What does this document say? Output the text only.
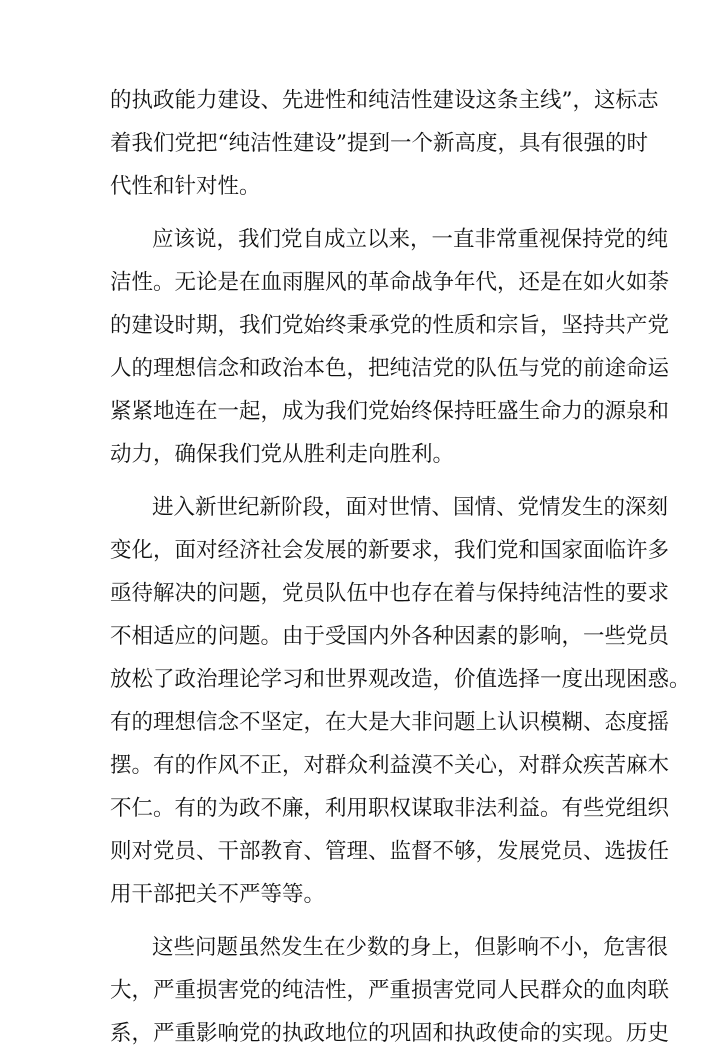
的执政能力建设、先进性和纯洁性建设这条主线”，这标志
着我们党把“纯洁性建设”提到一个新高度，具有很强的时
代性和针对性。
应该说，我们党自成立以来，一直非常重视保持党的纯
洁性。无论是在血雨腥风的革命战争年代，还是在如火如荼
的建设时期，我们党始终秉承党的性质和宗旨，坚持共产党
人的理想信念和政治本色，把纯洁党的队伍与党的前途命运
紧紧地连在一起，成为我们党始终保持旺盛生命力的源泉和
动力，确保我们党从胜利走向胜利。
进入新世纪新阶段，面对世情、国情、党情发生的深刻
变化，面对经济社会发展的新要求，我们党和国家面临许多
亟待解决的问题，党员队伍中也存在着与保持纯洁性的要求
不相适应的问题。由于受国内外各种因素的影响，一些党员
放松了政治理论学习和世界观改造，价值选择一度出现困惑。
有的理想信念不坚定，在大是大非问题上认识模糊、态度摇
摆。有的作风不正，对群众利益漠不关心，对群众疾苦麻木
不仁。有的为政不廉，利用职权谋取非法利益。有些党组织
则对党员、干部教育、管理、监督不够，发展党员、选拔任
用干部把关不严等等。
这些问题虽然发生在少数的身上，但影响不小，危害很
大，严重损害党的纯洁性，严重损害党同人民群众的血肉联
系，严重影响党的执政地位的巩固和执政使命的实现。历史
